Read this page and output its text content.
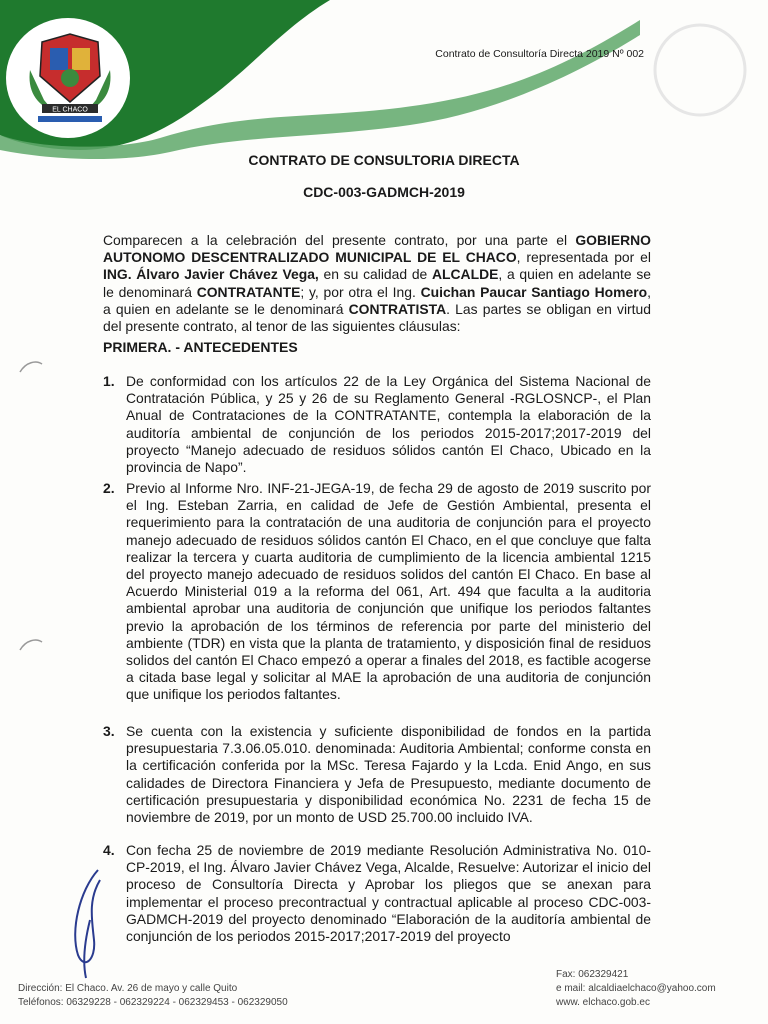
EL CHACO
Contrato de Consultoría Directa 2019 Nº 002
CONTRATO DE CONSULTORIA DIRECTA
CDC-003-GADMCH-2019
Comparecen a la celebración del presente contrato, por una parte el GOBIERNO AUTONOMO DESCENTRALIZADO MUNICIPAL DE EL CHACO, representada por el ING. Álvaro Javier Chávez Vega, en su calidad de ALCALDE, a quien en adelante se le denominará CONTRATANTE; y, por otra el Ing. Cuichan Paucar Santiago Homero, a quien en adelante se le denominará CONTRATISTA. Las partes se obligan en virtud del presente contrato, al tenor de las siguientes cláusulas:
PRIMERA. - ANTECEDENTES
1. De conformidad con los artículos 22 de la Ley Orgánica del Sistema Nacional de Contratación Pública, y 25 y 26 de su Reglamento General -RGLOSNCP-, el Plan Anual de Contrataciones de la CONTRATANTE, contempla la elaboración de la auditoría ambiental de conjunción de los periodos 2015-2017;2017-2019 del proyecto “Manejo adecuado de residuos sólidos cantón El Chaco, Ubicado en la provincia de Napo”.
2. Previo al Informe Nro. INF-21-JEGA-19, de fecha 29 de agosto de 2019 suscrito por el Ing. Esteban Zarria, en calidad de Jefe de Gestión Ambiental, presenta el requerimiento para la contratación de una auditoria de conjunción para el proyecto manejo adecuado de residuos sólidos cantón El Chaco, en el que concluye que falta realizar la tercera y cuarta auditoria de cumplimiento de la licencia ambiental 1215 del proyecto manejo adecuado de residuos solidos del cantón El Chaco. En base al Acuerdo Ministerial 019 a la reforma del 061, Art. 494 que faculta a la auditoria ambiental aprobar una auditoria de conjunción que unifique los periodos faltantes previo la aprobación de los términos de referencia por parte del ministerio del ambiente (TDR) en vista que la planta de tratamiento, y disposición final de residuos solidos del cantón El Chaco empezó a operar a finales del 2018, es factible acogerse a citada base legal y solicitar al MAE la aprobación de una auditoria de conjunción que unifique los periodos faltantes.
3. Se cuenta con la existencia y suficiente disponibilidad de fondos en la partida presupuestaria 7.3.06.05.010. denominada: Auditoria Ambiental; conforme consta en la certificación conferida por la MSc. Teresa Fajardo y la Lcda. Enid Ango, en sus calidades de Directora Financiera y Jefa de Presupuesto, mediante documento de certificación presupuestaria y disponibilidad económica No. 2231 de fecha 15 de noviembre de 2019, por un monto de USD 25.700.00 incluido IVA.
4. Con fecha 25 de noviembre de 2019 mediante Resolución Administrativa No. 010-CP-2019, el Ing. Álvaro Javier Chávez Vega, Alcalde, Resuelve: Autorizar el inicio del proceso de Consultoría Directa y Aprobar los pliegos que se anexan para implementar el proceso precontractual y contractual aplicable al proceso CDC-003-GADMCH-2019 del proyecto denominado “Elaboración de la auditoría ambiental de conjunción de los periodos 2015-2017;2017-2019 del proyecto
Dirección: El Chaco. Av. 26 de mayo y calle Quito
Teléfonos: 06329228 - 062329224 - 062329453 - 062329050
Fax: 062329421
e mail: alcaldiaelchaco@yahoo.com
www. elchaco.gob.ec
